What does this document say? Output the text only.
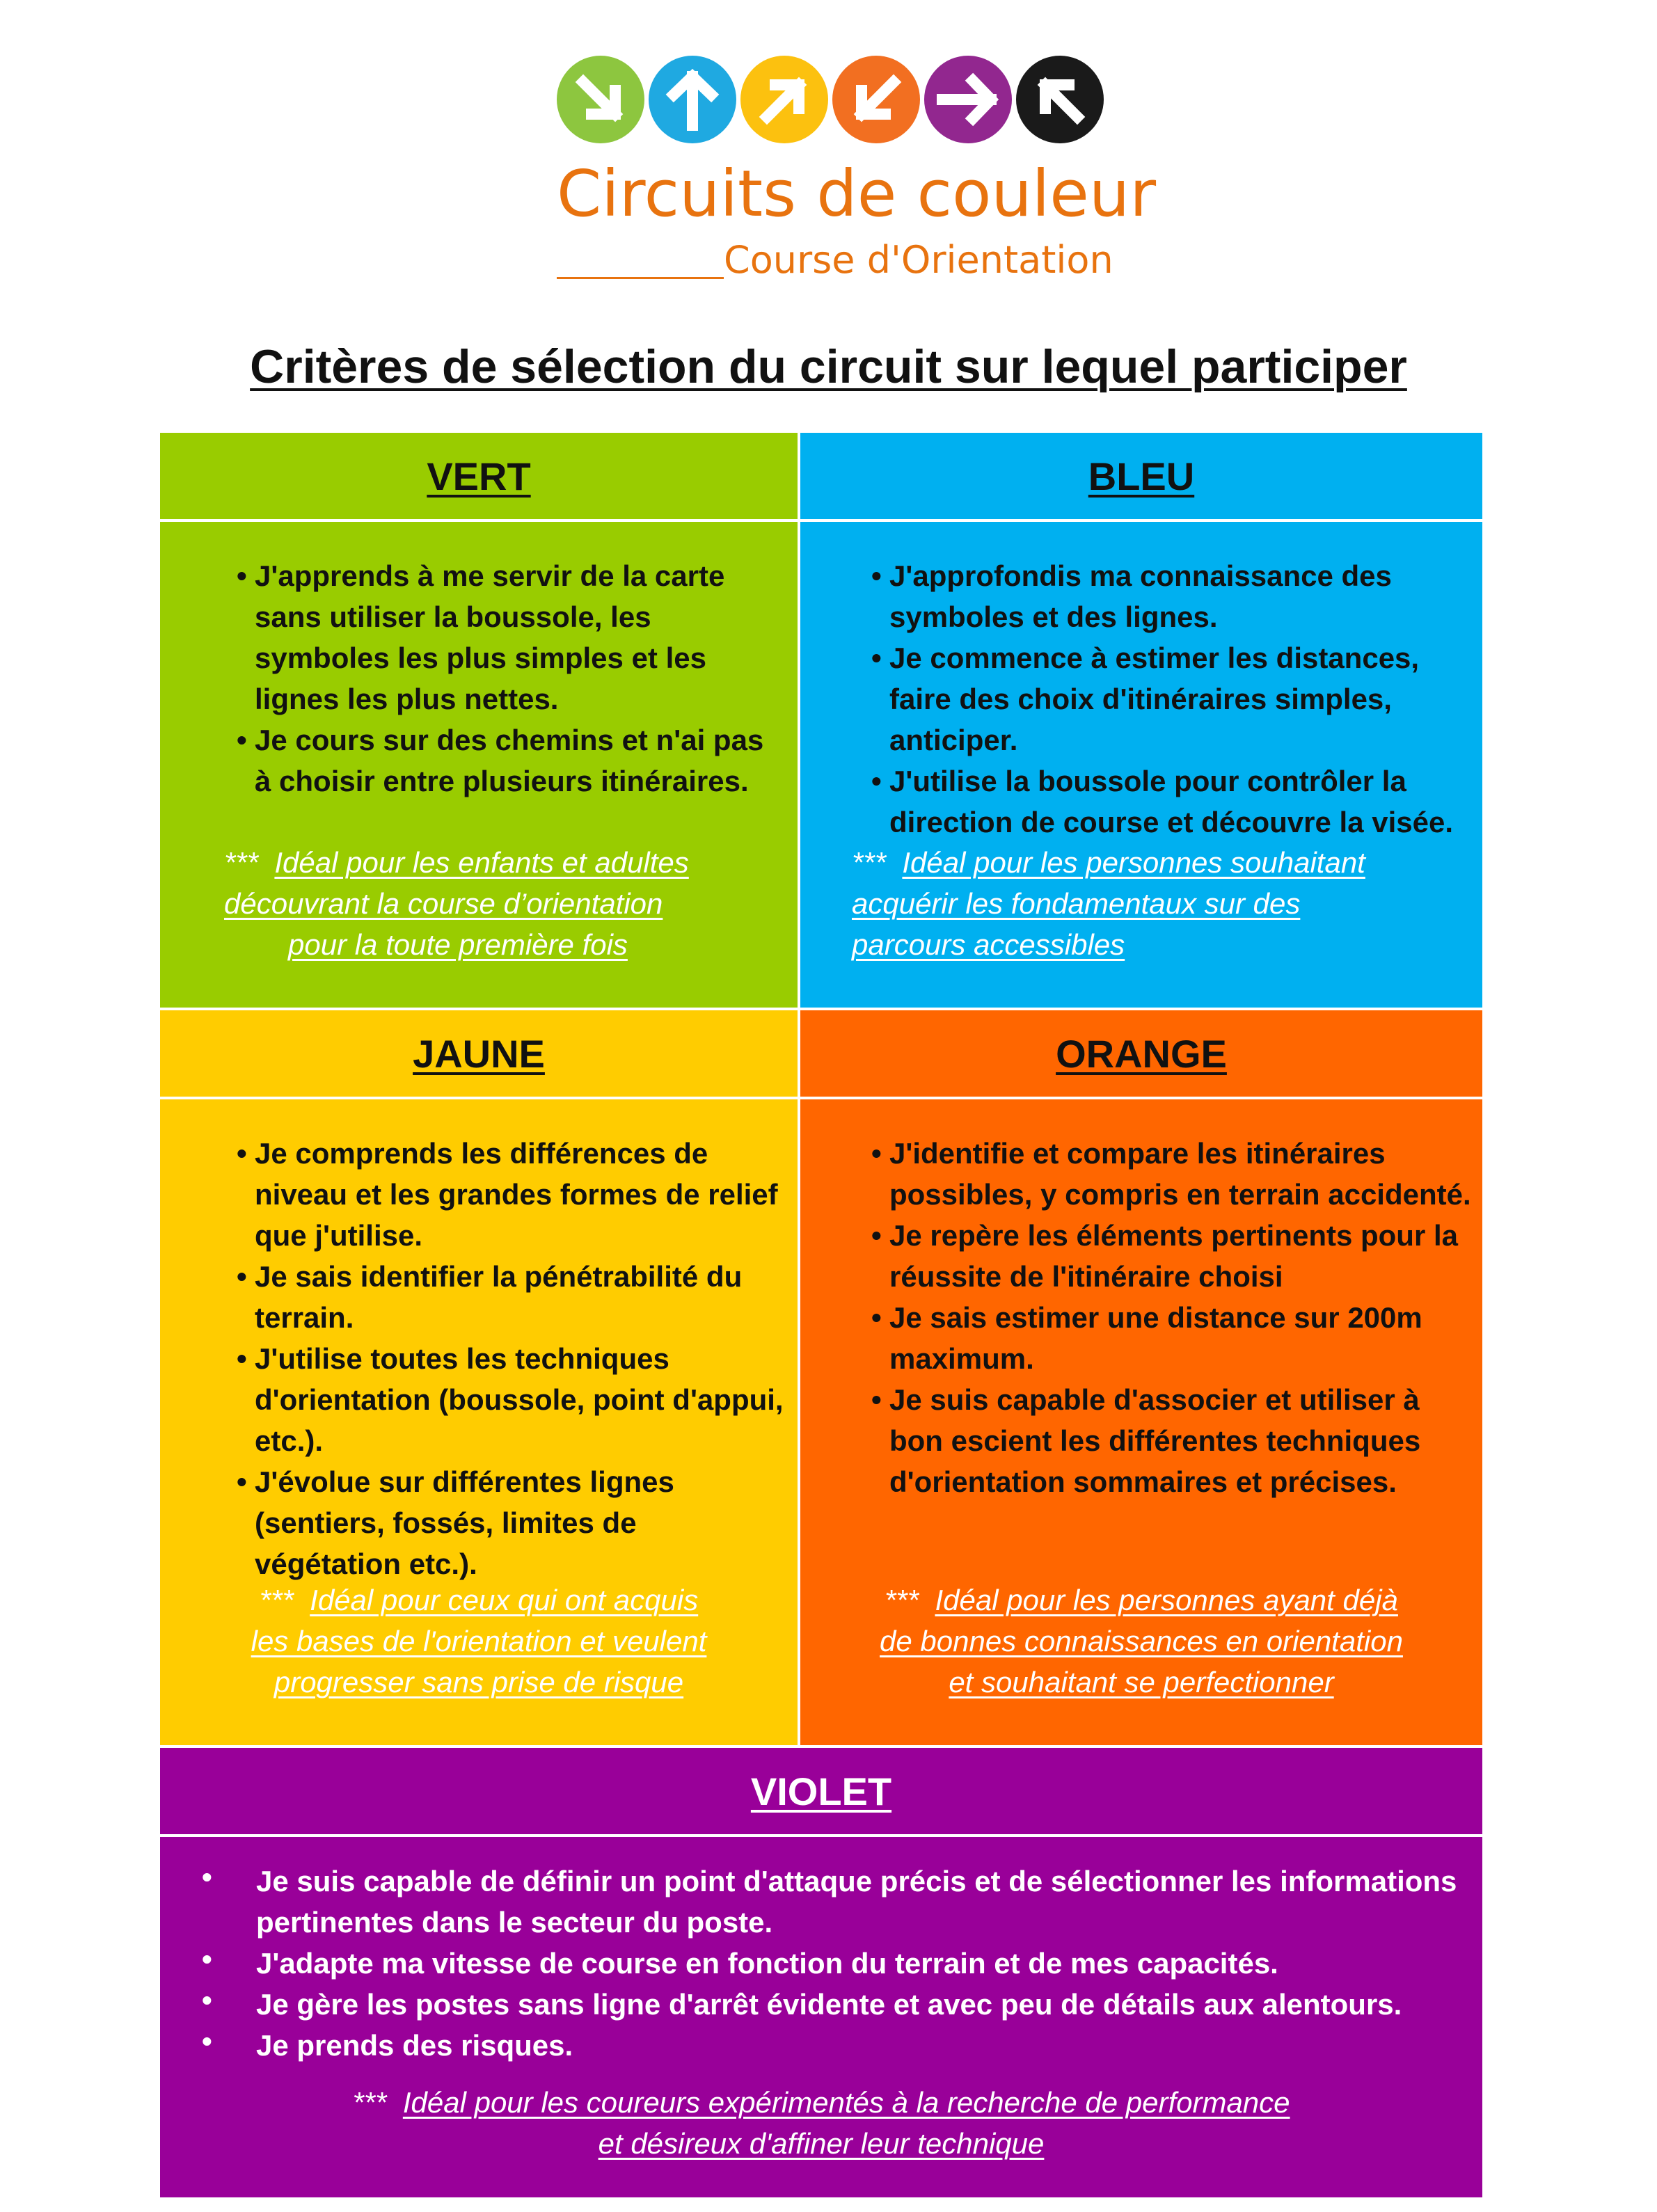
Circuits de couleur
Course d'Orientation
Critères de sélection du circuit sur lequel participer
VERT
• J'apprends à me servir de la carte sans utiliser la boussole, les symboles les plus simples et les lignes les plus nettes.
• Je cours sur des chemins et n'ai pas à choisir entre plusieurs itinéraires.
*** Idéal pour les enfants et adultes
découvrant la course d’orientation
pour la toute première fois
BLEU
• J'approfondis ma connaissance des symboles et des lignes.
• Je commence à estimer les distances, faire des choix d'itinéraires simples, anticiper.
• J'utilise la boussole pour contrôler la direction de course et découvre la visée.
*** Idéal pour les personnes souhaitant
acquérir les fondamentaux sur des
parcours accessibles
JAUNE
• Je comprends les différences de niveau et les grandes formes de relief que j'utilise.
• Je sais identifier la pénétrabilité du terrain.
• J'utilise toutes les techniques d'orientation (boussole, point d'appui, etc.).
• J'évolue sur différentes lignes (sentiers, fossés, limites de végétation etc.).
*** Idéal pour ceux qui ont acquis
les bases de l'orientation et veulent
progresser sans prise de risque
ORANGE
• J'identifie et compare les itinéraires possibles, y compris en terrain accidenté.
• Je repère les éléments pertinents pour la réussite de l'itinéraire choisi
• Je sais estimer une distance sur 200m maximum.
• Je suis capable d'associer et utiliser à bon escient les différentes techniques d'orientation sommaires et précises.
*** Idéal pour les personnes ayant déjà
de bonnes connaissances en orientation
et souhaitant se perfectionner
VIOLET
•
•
•
•
Je suis capable de définir un point d'attaque précis et de sélectionner les informations pertinentes dans le secteur du poste.
J'adapte ma vitesse de course en fonction du terrain et de mes capacités.
Je gère les postes sans ligne d'arrêt évidente et avec peu de détails aux alentours.
Je prends des risques.
*** Idéal pour les coureurs expérimentés à la recherche de performance
et désireux d'affiner leur technique
